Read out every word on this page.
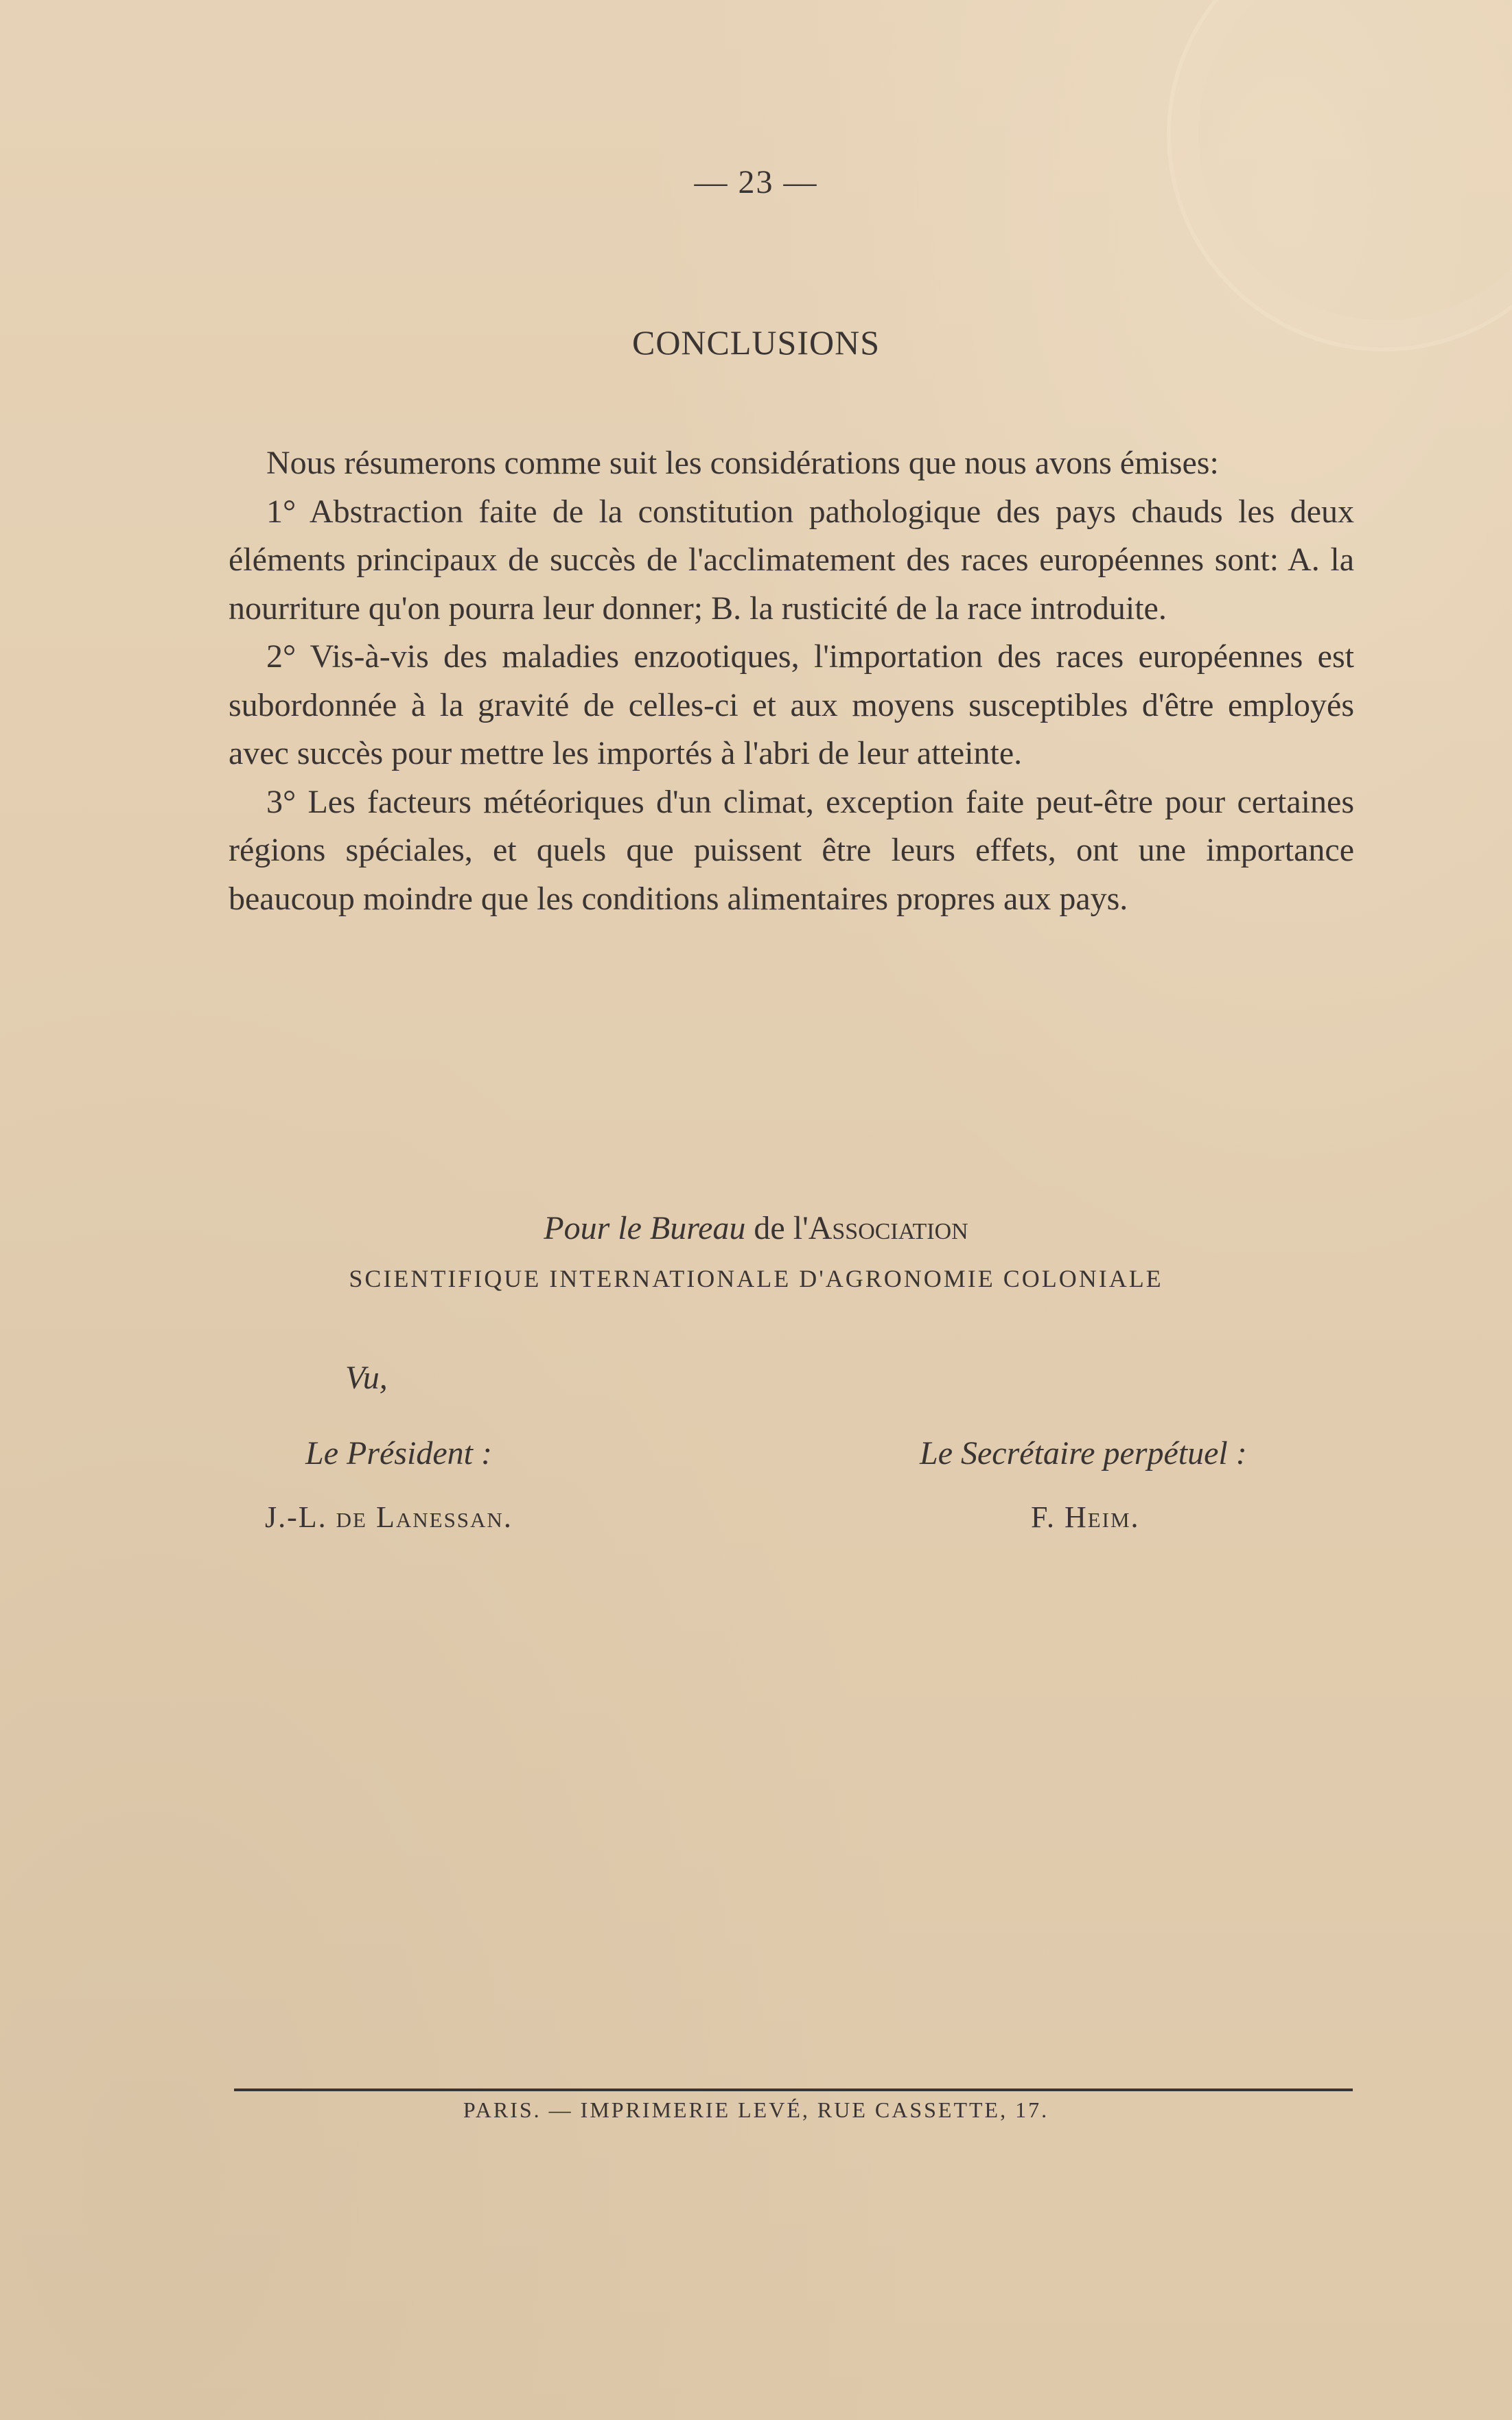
— 23 —
CONCLUSIONS

Nous résumerons comme suit les considérations que nous avons émises:

1° Abstraction faite de la constitution pathologique des pays chauds les deux éléments principaux de succès de l'acclimatement des races européennes sont: A. la nourriture qu'on pourra leur donner; B. la rusticité de la race introduite.

2° Vis-à-vis des maladies enzootiques, l'importation des races européennes est subordonnée à la gravité de celles-ci et aux moyens susceptibles d'être employés avec succès pour mettre les importés à l'abri de leur atteinte.

3° Les facteurs météoriques d'un climat, exception faite peut-être pour certaines régions spéciales, et quels que puissent être leurs effets, ont une importance beaucoup moindre que les conditions alimentaires propres aux pays.

Pour le Bureau de l'Association
SCIENTIFIQUE INTERNATIONALE D'AGRONOMIE COLONIALE
Vu,
Le Président :
J.-L. de Lanessan.
Le Secrétaire perpétuel :
F. Heim.
PARIS. — IMPRIMERIE LEVÉ, RUE CASSETTE, 17.
